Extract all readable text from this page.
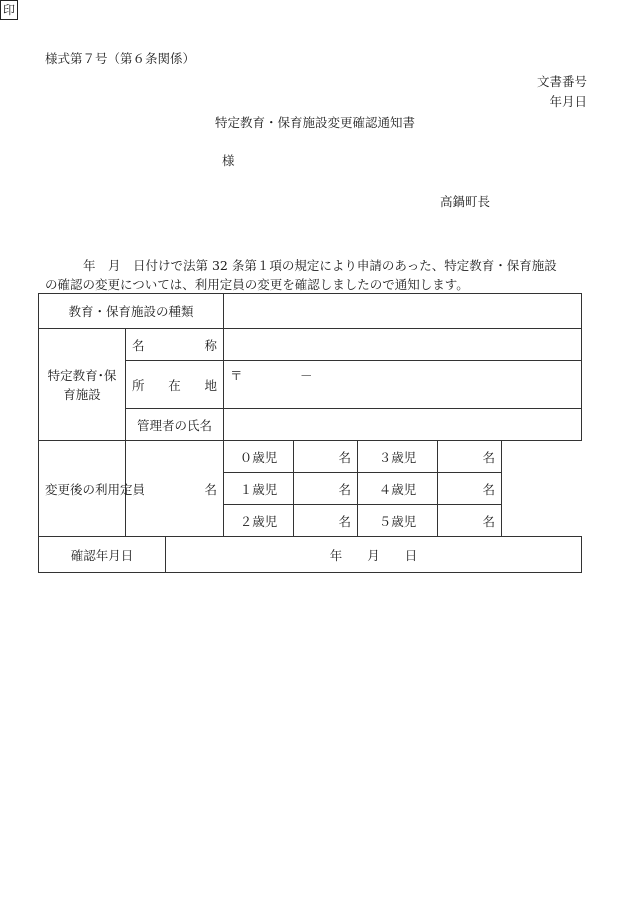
様式第７号（第６条関係）
文書番号
年月日
特定教育・保育施設変更確認通知書
様
高鍋町長
印

年　月　日付けで法第 32 条第１項の規定により申請のあった、特定教育・保育施設
の確認の変更については、利用定員の変更を確認しましたので通知します。

教育・保育施設の種類						
特定教育･保育施設	名 称					

	所 在 地		〒 －			
	管理者の氏名					
変更後の利用定員	名		０歳児	名	３歳児	名
			１歳児	名	４歳児	名
			２歳児	名	５歳児	名
確認年月日		年　　月　　日				
